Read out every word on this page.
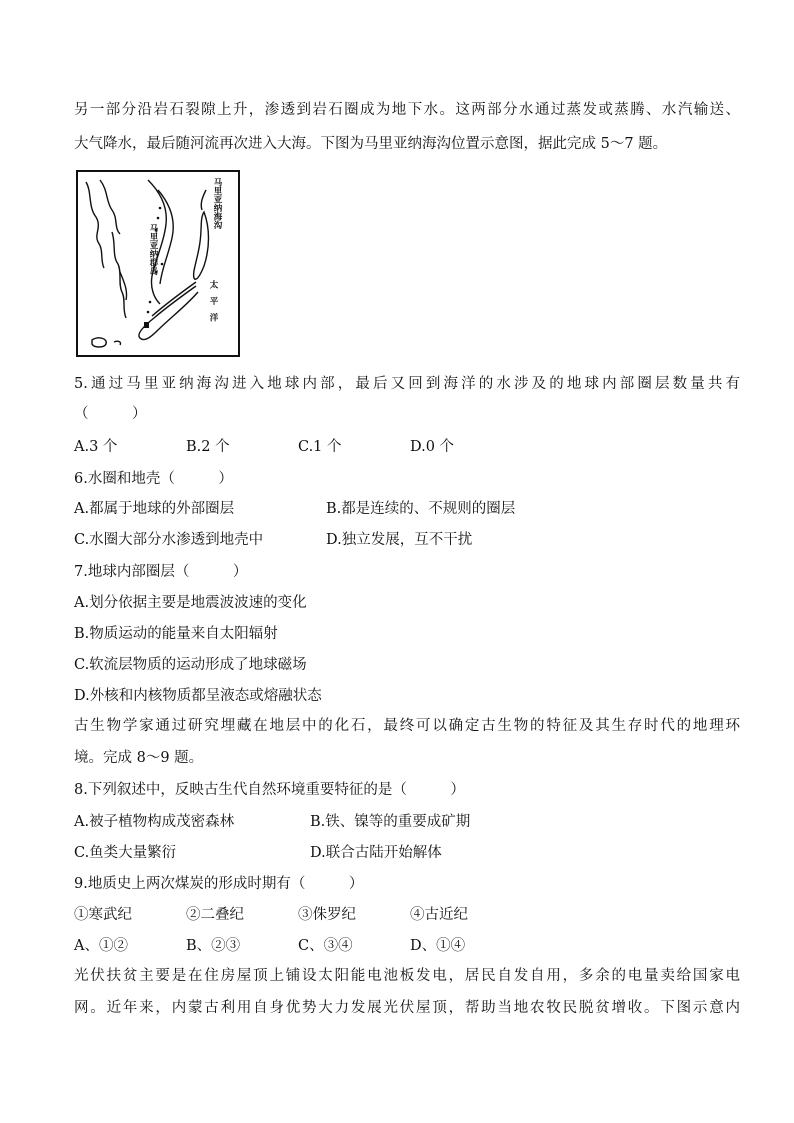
另一部分沿岩石裂隙上升，渗透到岩石圈成为地下水。这两部分水通过蒸发或蒸腾、水汽输送、
大气降水，最后随河流再次进入大海。下图为马里亚纳海沟位置示意图，据此完成 5～7 题。
马里亚纳海沟
马里亚纳群岛
太平洋
5.通过马里亚纳海沟进入地球内部，最后又回到海洋的水涉及的地球内部圈层数量共有
（　　　）
A.3 个	B.2 个	C.1 个	D.0 个
6.水圈和地壳（　　　）
A.都属于地球的外部圈层	B.都是连续的、不规则的圈层
C.水圈大部分水渗透到地壳中	D.独立发展，互不干扰
7.地球内部圈层（　　　）
A.划分依据主要是地震波波速的变化
B.物质运动的能量来自太阳辐射
C.软流层物质的运动形成了地球磁场
D.外核和内核物质都呈液态或熔融状态
古生物学家通过研究埋藏在地层中的化石，最终可以确定古生物的特征及其生存时代的地理环
境。完成 8～9 题。
8.下列叙述中，反映古生代自然环境重要特征的是（　　　）
A.被子植物构成茂密森林	B.铁、镍等的重要成矿期
C.鱼类大量繁衍	D.联合古陆开始解体
9.地质史上两次煤炭的形成时期有（　　　）
①寒武纪	②二叠纪	③侏罗纪	④古近纪
A、①②	B、②③	C、③④	D、①④
光伏扶贫主要是在住房屋顶上铺设太阳能电池板发电，居民自发自用，多余的电量卖给国家电
网。近年来，内蒙古利用自身优势大力发展光伏屋顶，帮助当地农牧民脱贫增收。下图示意内
